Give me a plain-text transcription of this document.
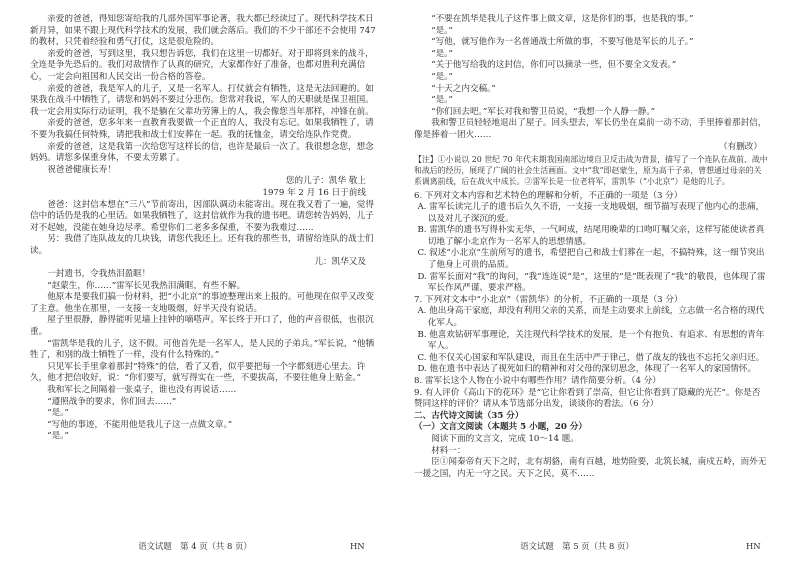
亲爱的爸爸，得知您寄给我的几部外国军事论著，我大都已经读过了。现代科学技术日新月异，如果不跟上现代科学技术的发展，我们就会落后。我们的不少干部还不会使用 747 的教材，只凭着经验和勇气打仗，这是很危险的。

亲爱的爸爸，写到这里，我只想告诉您，我们在这里一切都好。对于即将到来的战斗，全连是争先恐后的。我们对敌情作了认真的研究，大家都作好了准备，也都对胜利充满信心，一定会向祖国和人民交出一份合格的答卷。

亲爱的爸爸，我是军人的儿子，又是一名军人。打仗就会有牺牲，这是无法回避的。如果我在战斗中牺牲了，请您和妈妈不要过分悲伤。您常对我说，军人的天职就是保卫祖国。我一定会用实际行动证明，我不是躺在父辈功劳簿上的人，我会像您当年那样，冲锋在前。

亲爱的爸爸，您多年来一直教育我要做一个正直的人，我没有忘记。如果我牺牲了，请不要为我搞任何特殊，请把我和战士们安葬在一起。我的抚恤金，请交给连队作党费。

亲爱的爸爸，这是我第一次给您写这样长的信，也许是最后一次了。我很想念您，想念妈妈。请您多保重身体，不要太劳累了。

祝爸爸健康长寿！

您的儿子：凯华 敬上

1979 年 2 月 16 日于前线

爸爸：这封信本想在“三八”节前寄出，因部队调动未能寄出。现在我又看了一遍，觉得信中的话仍是我的心里话。如果我牺牲了，这封信就作为我的遗书吧。请您转告妈妈，儿子对不起她，没能在她身边尽孝。希望你们二老多多保重，不要为我难过……

另：我借了连队战友的几块钱，请您代我还上。还有我的那些书，请留给连队的战士们读。

儿：凯华又及

一封遗书，令我热泪盈眶！

“赵蒙生，你……”雷军长见我热泪满眶，有些不解。

他原本是要我们搞一份材料，把“小北京”的事迹整理出来上报的。可他现在似乎又改变了主意。他坐在那里，一支接一支地吸烟，好半天没有说话。

屋子里很静，静得能听见墙上挂钟的嘀嗒声。军长终于开口了，他的声音很低，也很沉重。

“雷凯华是我的儿子，这不假。可他首先是一名军人，是人民的子弟兵。”军长说，“他牺牲了，和别的战士牺牲了一样，没有什么特殊的。”

只见军长手里拿着那封“特殊”的信，看了又看，似乎要把每一个字都刻进心里去。许久，他才把信收好，说：“你们要写，就写得实在一些，不要拔高，不要往他身上贴金。”

我和军长之间隔着一张桌子，谁也没有再说话……

“遵照战争的要求，你们回去……”

“是。”

“写他的事迹，不能用他是我儿子这一点做文章。”

“是。”

语文试题　第 4 页（共 8 页）	HN

“不要在凯华是我儿子这件事上做文章，这是你们的事，也是我的事。”

“是。”

“写他，就写他作为一名普通战士所做的事，不要写他是军长的儿子。”

“是。”

“关于他写给我的这封信，你们可以摘录一些，但不要全文发表。”

“是。”

“十天之内交稿。”

“是。”

“你们回去吧。”军长对我和警卫员说，“我想一个人静一静。”

我和警卫员轻轻地退出了屋子。回头望去，军长仍坐在桌前一动不动，手里捧着那封信，像是捧着一团火……

（有删改）

【注】①小说以 20 世纪 70 年代末期我国南部边境自卫反击战为背景，描写了一个连队在战前、战中和战后的经历，展现了广阔的社会生活画面。文中“我”即赵蒙生，原为高干子弟，曾想通过母亲的关系调离前线，后在战火中成长。②雷军长是一位老将军，雷凯华（“小北京”）是他的儿子。

6. 下列对文本内容和艺术特色的理解和分析，不正确的一项是（3 分）

A. 雷军长读完儿子的遗书后久久不语，一支接一支地吸烟，细节描写表现了他内心的悲痛，以及对儿子深沉的爱。

B. 雷凯华的遗书写得朴实无华，一气呵成，结尾用晚辈的口吻叮嘱父亲，这样写能使读者真切地了解小北京作为一名军人的思想情感。

C. 叙述“小北京”生前所写的遗书，希望把自己和战士们葬在一起，不搞特殊，这一细节突出了他身上可贵的品质。

D. 雷军长面对“我”的询问，“我”连连说“是”，这里的“是”既表现了“我”的敬畏，也体现了雷军长作风严谨、要求严格。

7. 下列对文本中“小北京”（雷凯华）的分析，不正确的一项是（3 分）

A. 他出身高干家庭，却没有利用父亲的关系，而是主动要求上前线，立志做一名合格的现代化军人。

B. 他喜欢钻研军事理论，关注现代科学技术的发展，是一个有抱负、有追求、有思想的青年军人。

C. 他不仅关心国家和军队建设，而且在生活中严于律己，借了战友的钱也不忘托父亲归还。

D. 他在遗书中表达了视死如归的精神和对父母的深切思念，体现了一名军人的家国情怀。

8. 雷军长这个人物在小说中有哪些作用？请作简要分析。（4 分）

9. 有人评价《高山下的花环》是“它让你看到了崇高，但它让你看到了隐藏的光芒”。你是否赞同这样的评价？请从本节选部分出发，谈谈你的看法。（6 分）

二、古代诗文阅读（35 分）

（一）文言文阅读（本题共 5 小题，20 分）

阅读下面的文言文，完成 10～14 题。

材料一：

臣①闻秦帝有天下之时，北有胡貉，南有百越，地势险要，北筑长城，南戍五岭，而外无一援之国，内无一守之民。天下之民，莫不……

语文试题　第 5 页（共 8 页）	HN
